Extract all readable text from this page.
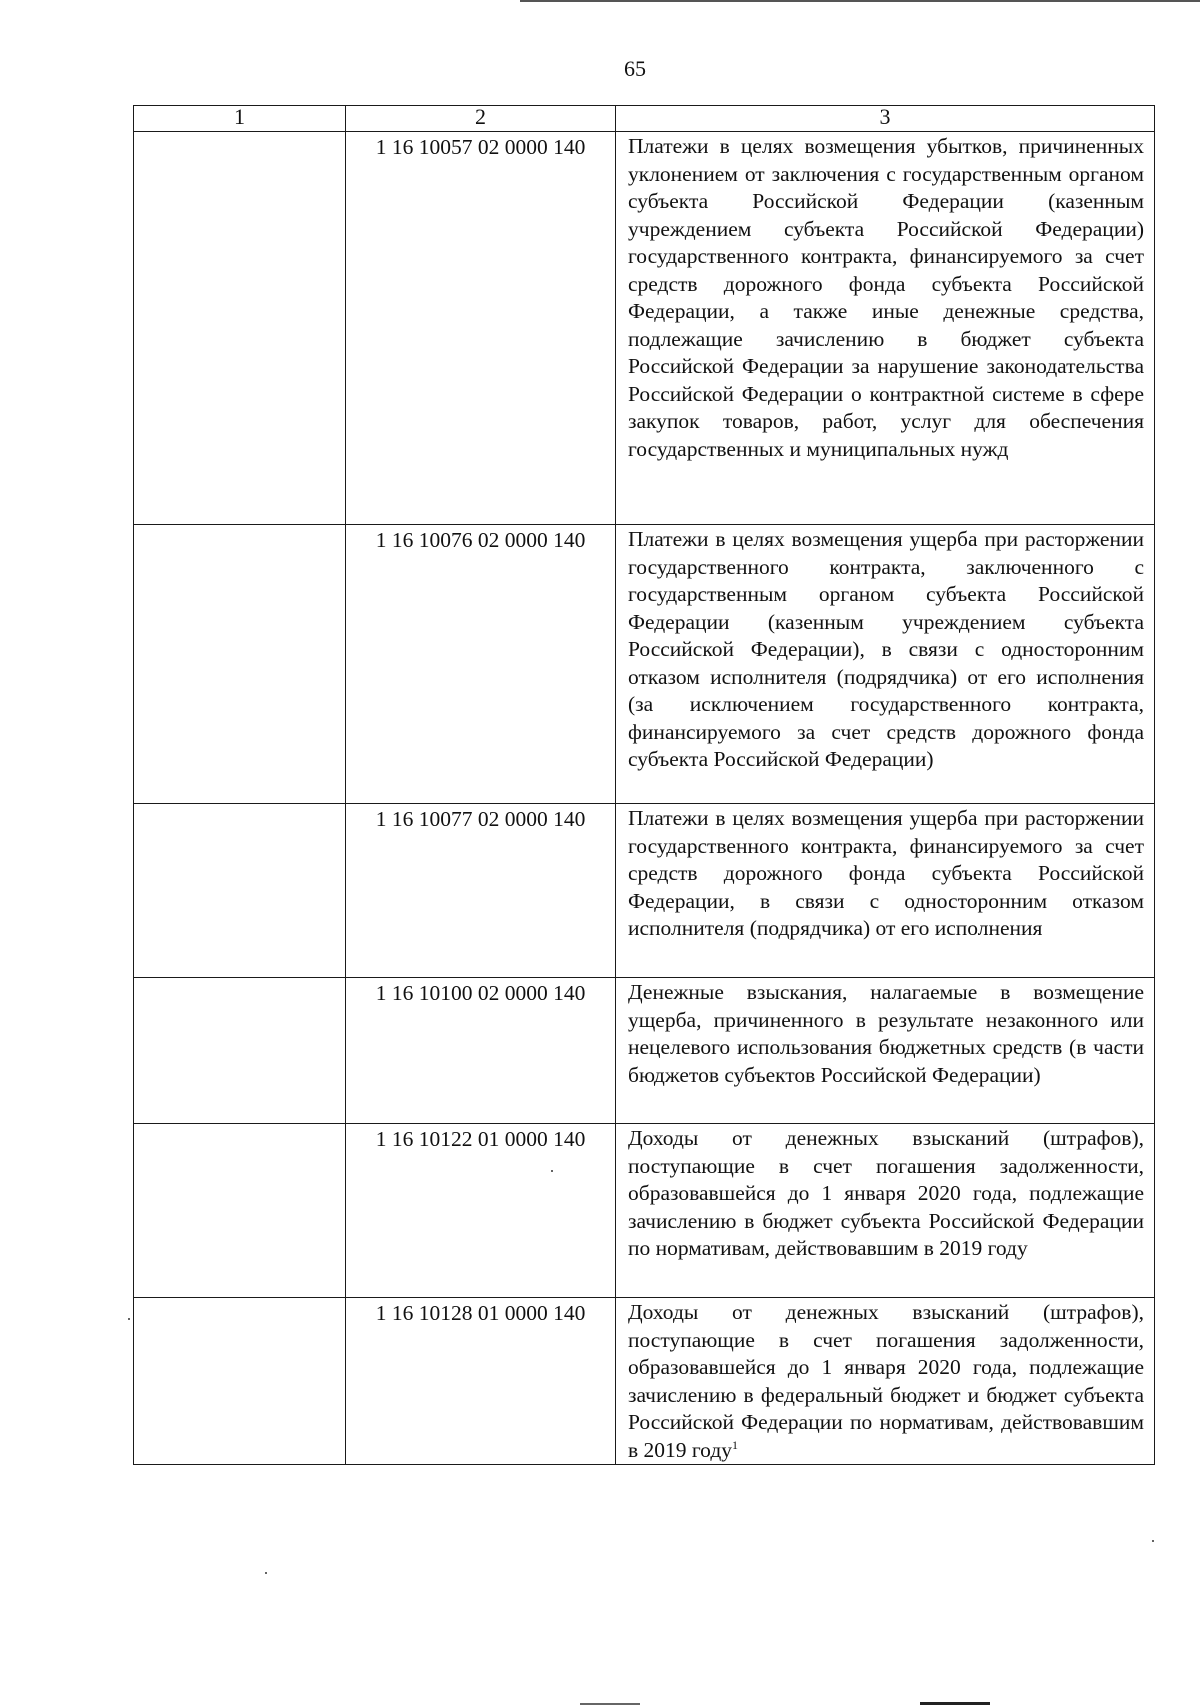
65
1	2	3
	1 16 10057 02 0000 140	Платежи в целях возмещения убытков, причиненных уклонением от заключения с государственным органом субъекта Российской Федерации (казенным учреждением субъекта Российской Федерации) государственного контракта, финансируемого за счет средств дорожного фонда субъекта Российской Федерации, а также иные денежные средства, подлежащие зачислению в бюджет субъекта Российской Федерации за нарушение законодательства Российской Федерации о контрактной системе в сфере закупок товаров, работ, услуг для обеспечения государственных и муниципальных нужд
	1 16 10076 02 0000 140	Платежи в целях возмещения ущерба при расторжении государственного контракта, заключенного с государственным органом субъекта Российской Федерации (казенным учреждением субъекта Российской Федерации), в связи с односторонним отказом исполнителя (подрядчика) от его исполнения (за исключением государственного контракта, финансируемого за счет средств дорожного фонда субъекта Российской Федерации)
	1 16 10077 02 0000 140	Платежи в целях возмещения ущерба при расторжении государственного контракта, финансируемого за счет средств дорожного фонда субъекта Российской Федерации, в связи с односторонним отказом исполнителя (подрядчика) от его исполнения
	1 16 10100 02 0000 140	Денежные взыскания, налагаемые в возмещение ущерба, причиненного в результате незаконного или нецелевого использования бюджетных средств (в части бюджетов субъектов Российской Федерации)
	1 16 10122 01 0000 140	Доходы от денежных взысканий (штрафов), поступающие в счет погашения задолженности, образовавшейся до 1 января 2020 года, подлежащие зачислению в бюджет субъекта Российской Федерации по нормативам, действовавшим в 2019 году
	1 16 10128 01 0000 140	Доходы от денежных взысканий (штрафов), поступающие в счет погашения задолженности, образовавшейся до 1 января 2020 года, подлежащие зачислению в федеральный бюджет и бюджет субъекта Российской Федерации по нормативам, действовавшим в 2019 году$^1$
